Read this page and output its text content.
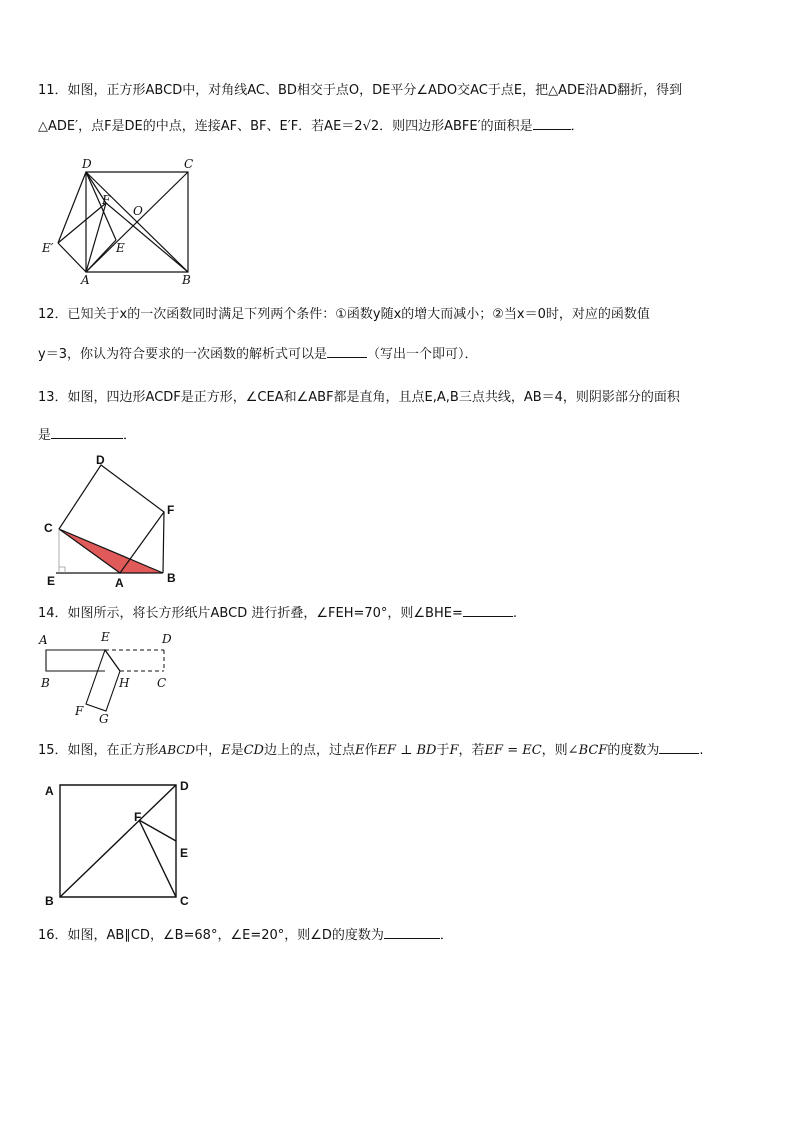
11．如图，正方形ABCD中，对角线AC、BD相交于点O，DE平分∠ADO交AC于点E，把△ADE沿AD翻折，得到
△ADE′，点F是DE的中点，连接AF、BF、E′F．若AE＝2√2．则四边形ABFE′的面积是	．
D	C
F
O
E′	E
A	B
12．已知关于x的一次函数同时满足下列两个条件：①函数y随x的增大而减小；②当x＝0时，对应的函数值
y＝3，你认为符合要求的一次函数的解析式可以是	（写出一个即可）．
13．如图，四边形ACDF是正方形，∠CEA和∠ABF都是直角，且点E,A,B三点共线，AB＝4，则阴影部分的面积
是	．
D
F
C
E	A	B
14．如图所示，将长方形纸片ABCD 进行折叠，∠FEH=70°，则∠BHE=	.
A	E	D
B	H C
F
G
15．如图，在正方形ABCD中，E是CD边上的点，过点E作EF ⊥ BD于F，若EF = EC，则∠BCF的度数为	.
A	D
F
E
B	C
16．如图，AB∥CD，∠B=68°，∠E=20°，则∠D的度数为	．
